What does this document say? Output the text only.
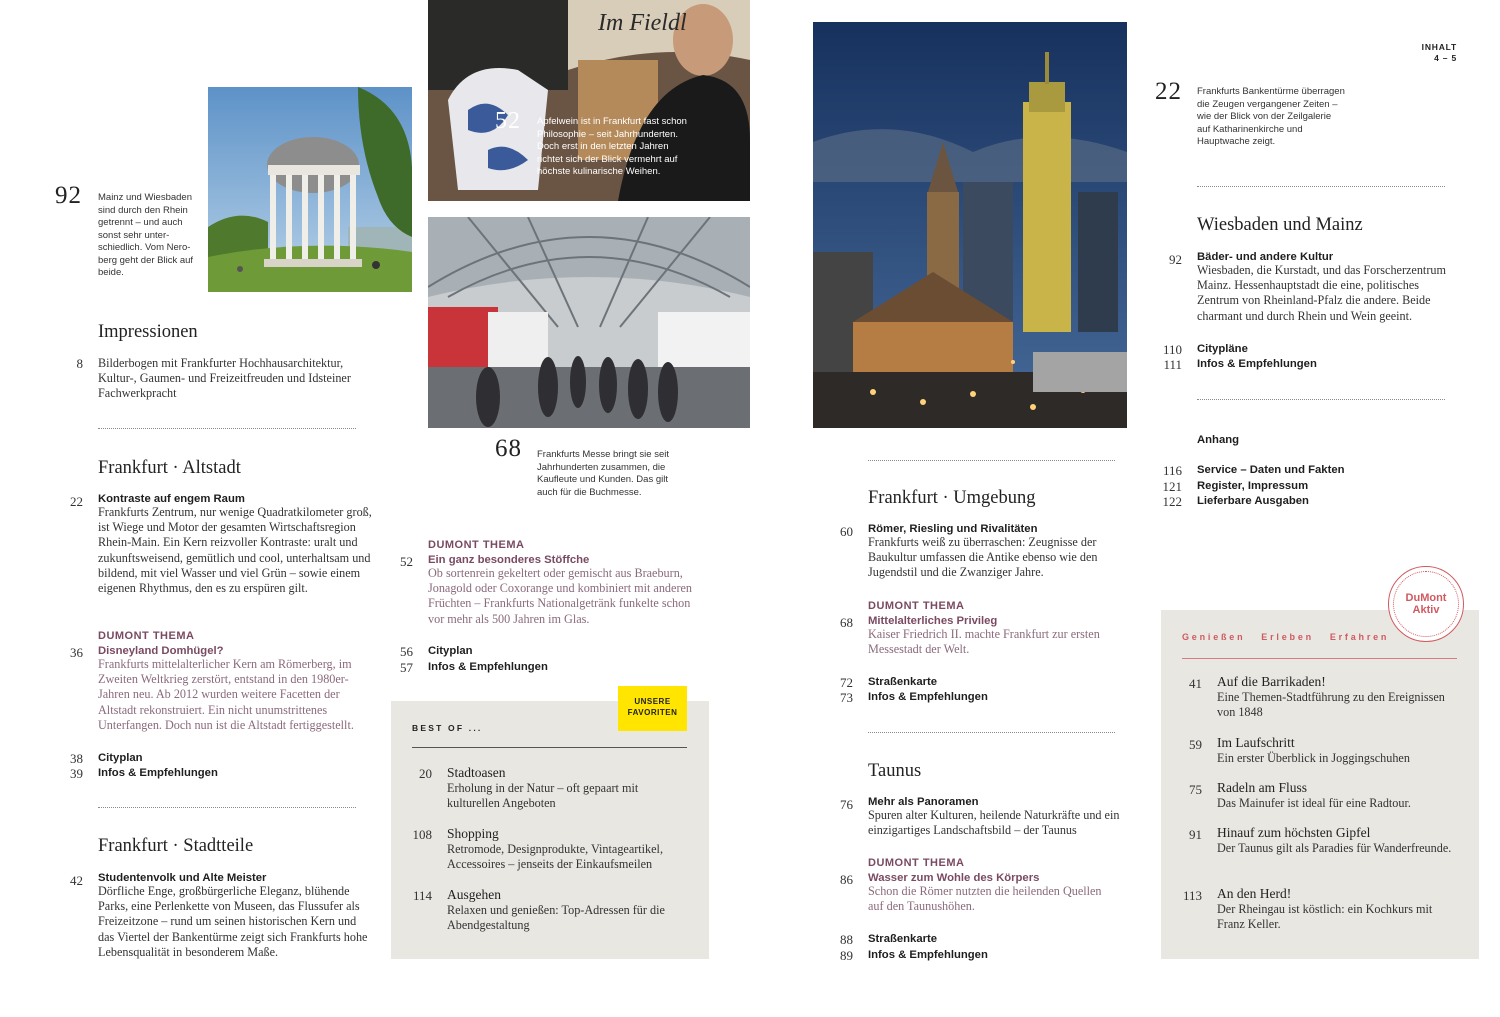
INHALT
4 – 5
Im Fieldl
52 Apfelwein ist in Frankfurt fast schon Philosophie – seit Jahrhunderten. Doch erst in den letzten Jahren richtet sich der Blick vermehrt auf höchste kulinarische Weihen.
92 Mainz und Wiesbaden sind durch den Rhein getrennt – und auch sonst sehr unterschiedlich. Vom Neroberg geht der Blick auf beide.
68 Frankfurts Messe bringt sie seit Jahrhunderten zusammen, die Kaufleute und Kunden. Das gilt auch für die Buchmesse.
22 Frankfurts Bankentürme überragen die Zeugen vergangener Zeiten – wie der Blick von der Zeilgalerie auf Katharinenkirche und Hauptwache zeigt.
Impressionen
8 Bilderbogen mit Frankfurter Hochhausarchitektur, Kultur-, Gaumen- und Freizeitfreuden und Idsteiner Fachwerkpracht
Frankfurt · Altstadt
22 Kontraste auf engem Raum
Frankfurts Zentrum, nur wenige Quadratkilometer groß, ist Wiege und Motor der gesamten Wirtschaftsregion Rhein-Main. Ein Kern reizvoller Kontraste: uralt und zukunftsweisend, gemütlich und cool, unterhaltsam und bildend, mit viel Wasser und viel Grün – sowie einem eigenen Rhythmus, den es zu erspüren gilt.
DUMONT THEMA
36 Disneyland Domhügel?
Frankfurts mittelalterlicher Kern am Römerberg, im Zweiten Weltkrieg zerstört, entstand in den 1980er-Jahren neu. Ab 2012 wurden weitere Facetten der Altstadt rekonstruiert. Ein nicht unumstrittenes Unterfangen. Doch nun ist die Altstadt fertiggestellt.
38 Cityplan
39 Infos & Empfehlungen
Frankfurt · Stadtteile
42 Studentenvolk und Alte Meister
Dörfliche Enge, großbürgerliche Eleganz, blühende Parks, eine Perlenkette von Museen, das Flussufer als Freizeitzone – rund um seinen historischen Kern und das Viertel der Bankentürme zeigt sich Frankfurts hohe Lebensqualität in besonderem Maße.
DUMONT THEMA
52 Ein ganz besonderes Stöffche
Ob sortenrein gekeltert oder gemischt aus Braeburn, Jonagold oder Coxorange und kombiniert mit anderen Früchten – Frankfurts Nationalgetränk funkelte schon vor mehr als 500 Jahren im Glas.
56 Cityplan
57 Infos & Empfehlungen
UNSERE FAVORITEN
BEST OF ...
20 Stadtoasen
Erholung in der Natur – oft gepaart mit kulturellen Angeboten
108 Shopping
Retromode, Designprodukte, Vintageartikel, Accessoires – jenseits der Einkaufsmeilen
114 Ausgehen
Relaxen und genießen: Top-Adressen für die Abendgestaltung
Frankfurt · Umgebung
60 Römer, Riesling und Rivalitäten
Frankfurts weiß zu überraschen: Zeugnisse der Baukultur umfassen die Antike ebenso wie den Jugendstil und die Zwanziger Jahre.
DUMONT THEMA
68 Mittelalterliches Privileg
Kaiser Friedrich II. machte Frankfurt zur ersten Messestadt der Welt.
72 Straßenkarte
73 Infos & Empfehlungen
Taunus
76 Mehr als Panoramen
Spuren alter Kulturen, heilende Naturkräfte und ein einzigartiges Landschaftsbild – der Taunus
DUMONT THEMA
86 Wasser zum Wohle des Körpers
Schon die Römer nutzten die heilenden Quellen auf den Taunushöhen.
88 Straßenkarte
89 Infos & Empfehlungen
Wiesbaden und Mainz
92 Bäder- und andere Kultur
Wiesbaden, die Kurstadt, und das Forscherzentrum Mainz. Hessenhauptstadt die eine, politisches Zentrum von Rheinland-Pfalz die andere. Beide charmant und durch Rhein und Wein geeint.
110 Citypläne
111 Infos & Empfehlungen
Anhang
116 Service – Daten und Fakten
121 Register, Impressum
122 Lieferbare Ausgaben
DuMont Aktiv
Genießen   Erleben   Erfahren
41 Auf die Barrikaden!
Eine Themen-Stadtführung zu den Ereignissen von 1848
59 Im Laufschritt
Ein erster Überblick in Joggingschuhen
75 Radeln am Fluss
Das Mainufer ist ideal für eine Radtour.
91 Hinauf zum höchsten Gipfel
Der Taunus gilt als Paradies für Wanderfreunde.
113 An den Herd!
Der Rheingau ist köstlich: ein Kochkurs mit Franz Keller.
